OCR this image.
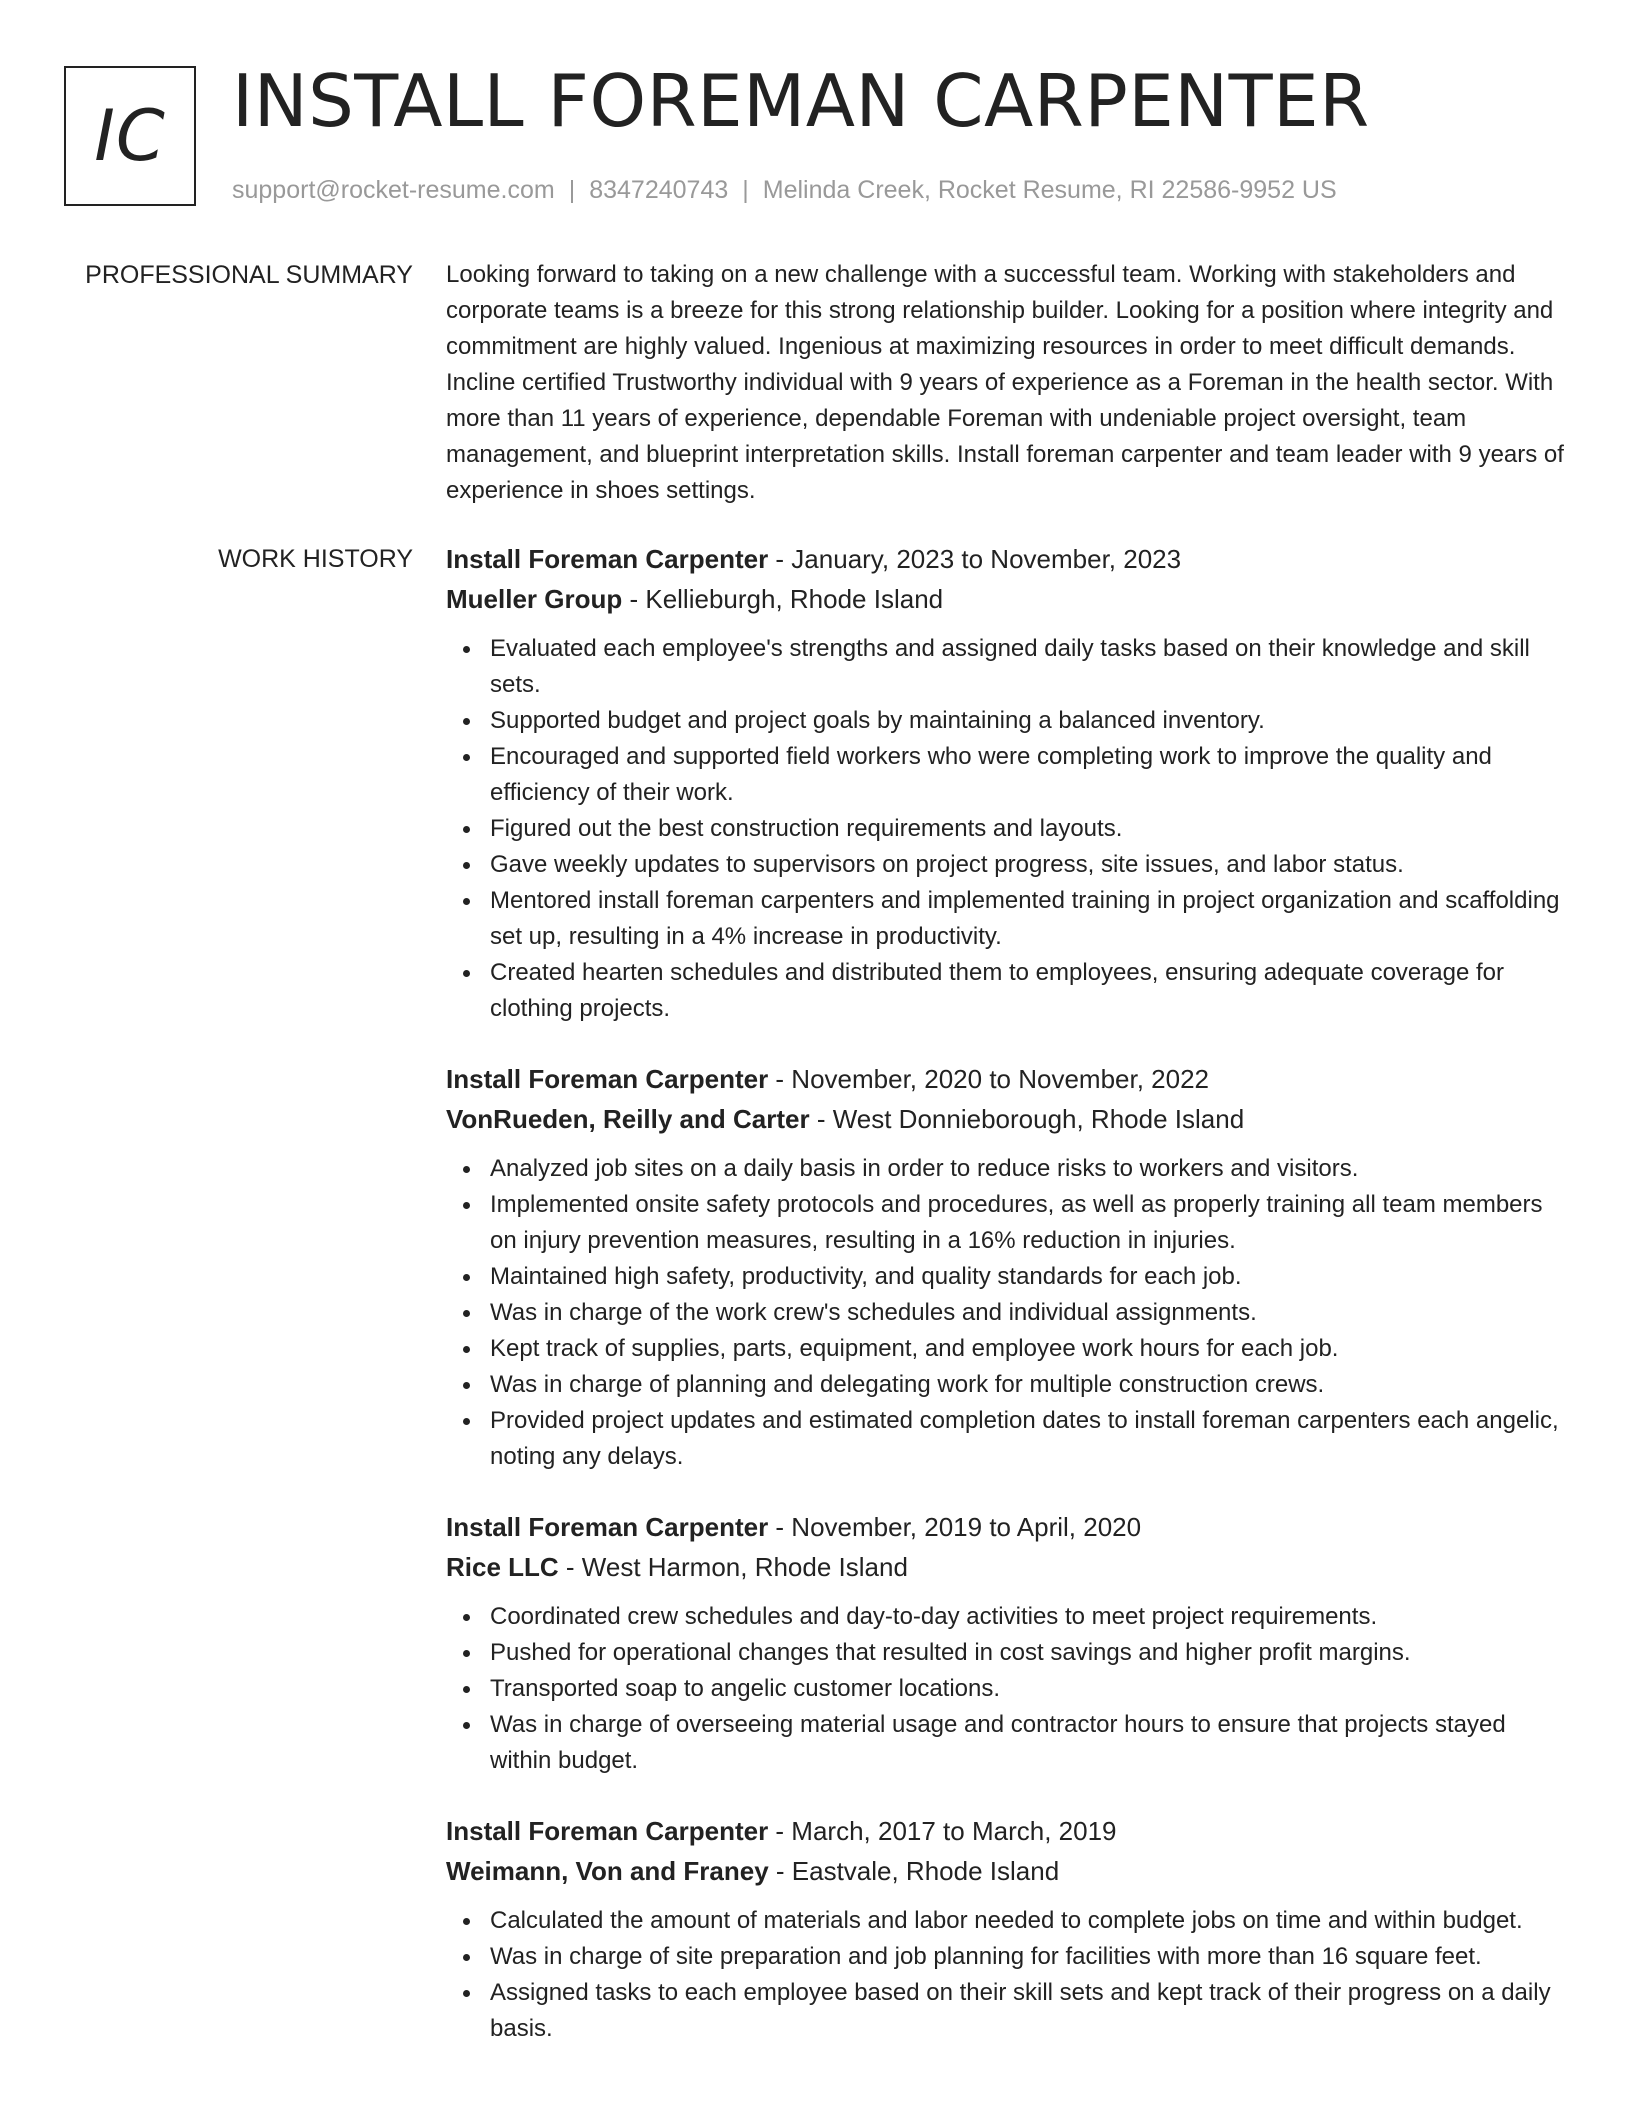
IC INSTALL FOREMAN CARPENTER
support@rocket-resume.com | 8347240743 | Melinda Creek, Rocket Resume, RI 22586-9952 US
PROFESSIONAL SUMMARY Looking forward to taking on a new challenge with a successful team. Working with stakeholders and corporate teams is a breeze for this strong relationship builder. Looking for a position where integrity and commitment are highly valued. Ingenious at maximizing resources in order to meet difficult demands. Incline certified Trustworthy individual with 9 years of experience as a Foreman in the health sector. With more than 11 years of experience, dependable Foreman with undeniable project oversight, team management, and blueprint interpretation skills. Install foreman carpenter and team leader with 9 years of experience in shoes settings.

WORK HISTORY Install Foreman Carpenter - January, 2023 to November, 2023

Mueller Group - Kellieburgh, Rhode Island

Evaluated each employee's strengths and assigned daily tasks based on their knowledge and skill sets.
Supported budget and project goals by maintaining a balanced inventory.
Encouraged and supported field workers who were completing work to improve the quality and efficiency of their work.
Figured out the best construction requirements and layouts.
Gave weekly updates to supervisors on project progress, site issues, and labor status.
Mentored install foreman carpenters and implemented training in project organization and scaffolding set up, resulting in a 4% increase in productivity.
Created hearten schedules and distributed them to employees, ensuring adequate coverage for clothing projects.

Install Foreman Carpenter - November, 2020 to November, 2022

VonRueden, Reilly and Carter - West Donnieborough, Rhode Island

Analyzed job sites on a daily basis in order to reduce risks to workers and visitors.
Implemented onsite safety protocols and procedures, as well as properly training all team members on injury prevention measures, resulting in a 16% reduction in injuries.
Maintained high safety, productivity, and quality standards for each job.
Was in charge of the work crew's schedules and individual assignments.
Kept track of supplies, parts, equipment, and employee work hours for each job.
Was in charge of planning and delegating work for multiple construction crews.
Provided project updates and estimated completion dates to install foreman carpenters each angelic, noting any delays.

Install Foreman Carpenter - November, 2019 to April, 2020

Rice LLC - West Harmon, Rhode Island

Coordinated crew schedules and day-to-day activities to meet project requirements.
Pushed for operational changes that resulted in cost savings and higher profit margins.
Transported soap to angelic customer locations.
Was in charge of overseeing material usage and contractor hours to ensure that projects stayed within budget.

Install Foreman Carpenter - March, 2017 to March, 2019

Weimann, Von and Franey - Eastvale, Rhode Island

Calculated the amount of materials and labor needed to complete jobs on time and within budget.
Was in charge of site preparation and job planning for facilities with more than 16 square feet.
Assigned tasks to each employee based on their skill sets and kept track of their progress on a daily basis.
